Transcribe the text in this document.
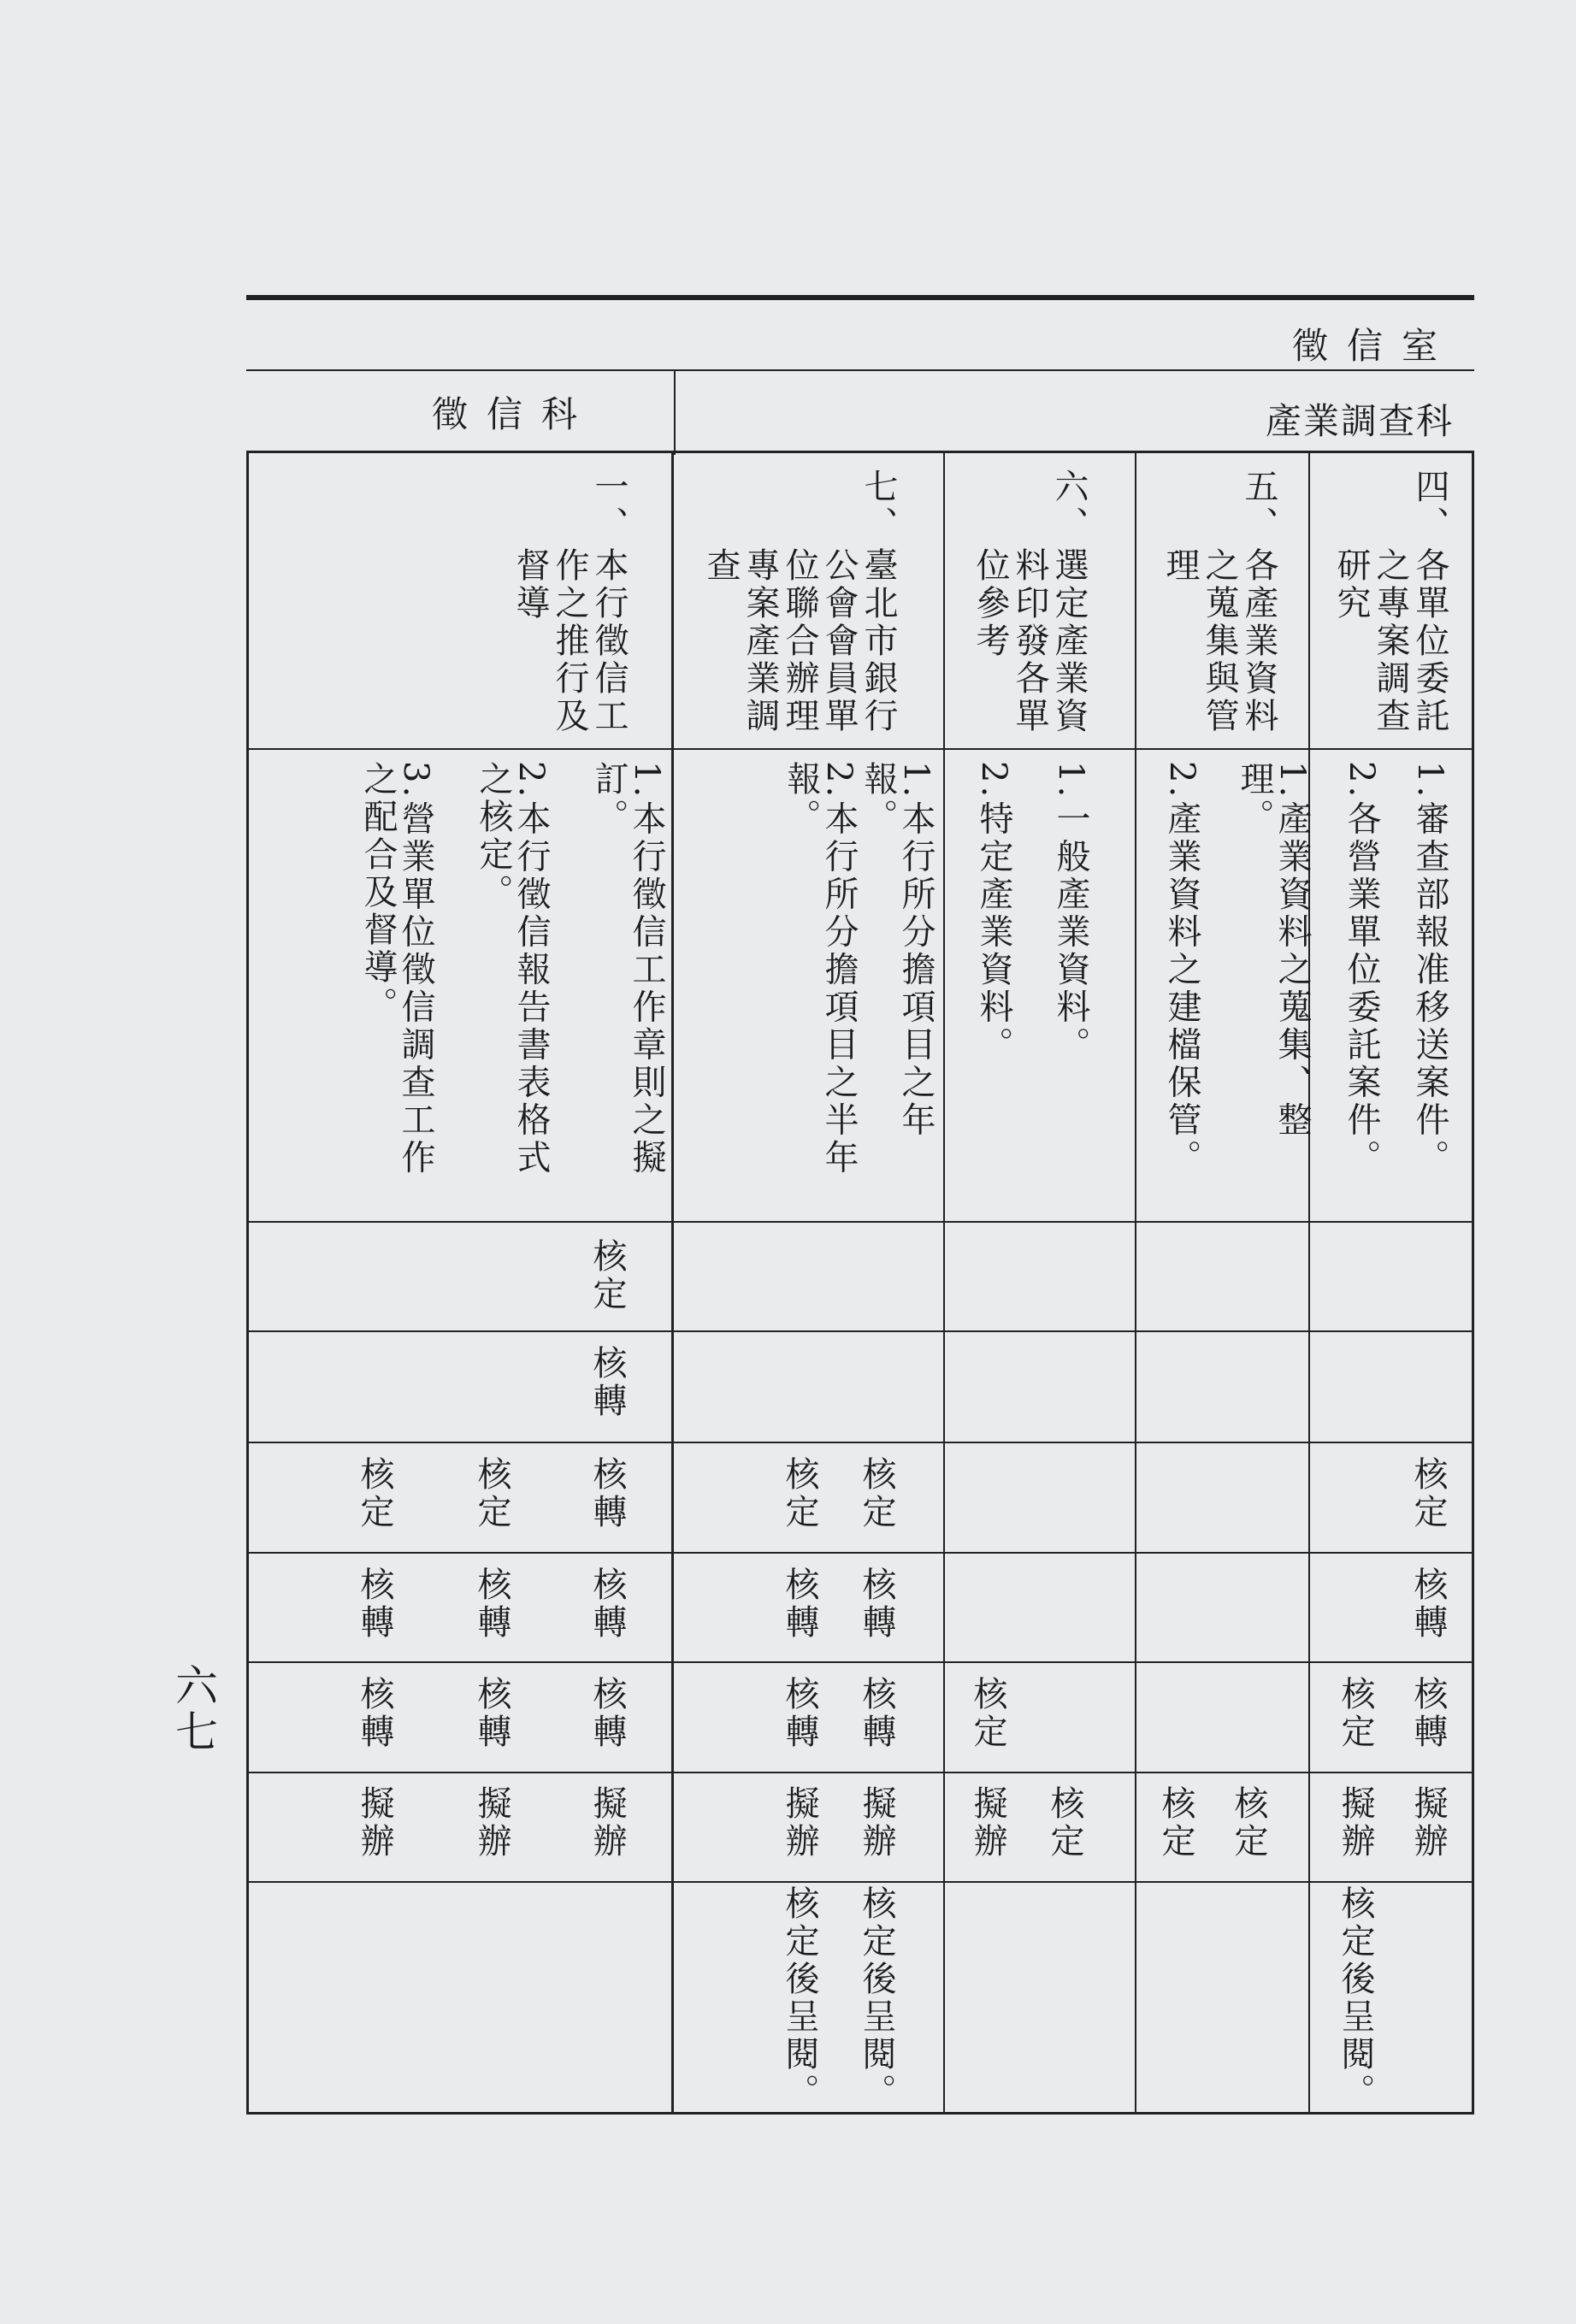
徵信室
徵信科	產業調查科
六七
四、
各單位委託
之專案調查
研究
五、
各產業資料
之蒐集與管
理
六、
選定產業資
料印發各單
位參考
七、
臺北市銀行
公會會員單
位聯合辦理
專案產業調
查
一、
本行徵信工
作之推行及
督導
1.審查部報准移送案件。
2.各營業單位委託案件。
1.產業資料之蒐集、整理。
2.產業資料之建檔保管。
1.一般產業資料。
2.特定產業資料。
1.本行所分擔項目之年報。
2.本行所分擔項目之半年報。
1.本行徵信工作章則之擬訂。
2.本行徵信報告書表格式之核定。
3.營業單位徵信調查工作之配合及督導。
核定
核轉
核轉
核定
核定
核轉
核轉
核轉
核轉
核轉
核轉
擬辦
擬辦
擬辦
核定
核定
核轉
核轉
核轉
核轉
擬辦
擬辦
核定後呈閱。
核定後呈閱。
核定
核定
擬辦	核定
核定
核定
核轉
核轉
核定
擬辦
擬辦
核定後呈閱。
